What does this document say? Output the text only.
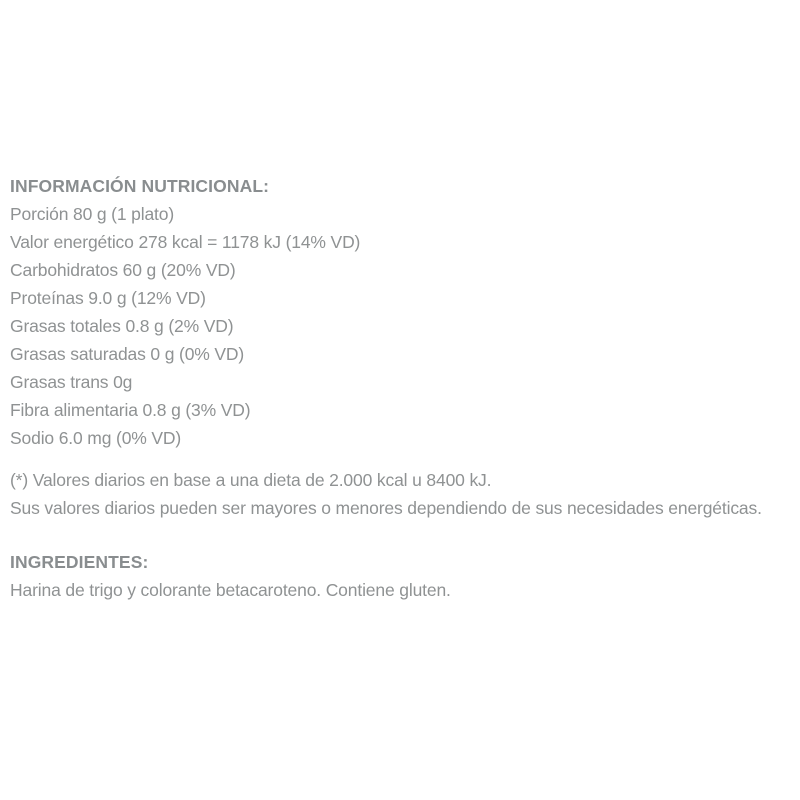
INFORMACIÓN NUTRICIONAL:
Porción 80 g (1 plato)
Valor energético 278 kcal = 1178 kJ (14% VD)
Carbohidratos 60 g (20% VD)
Proteínas 9.0 g (12% VD)
Grasas totales 0.8 g (2% VD)
Grasas saturadas 0 g (0% VD)
Grasas trans 0g
Fibra alimentaria 0.8 g (3% VD)
Sodio 6.0 mg (0% VD)
(*) Valores diarios en base a una dieta de 2.000 kcal u 8400 kJ.
Sus valores diarios pueden ser mayores o menores dependiendo de sus necesidades energéticas.
INGREDIENTES:
Harina de trigo y colorante betacaroteno. Contiene gluten.
